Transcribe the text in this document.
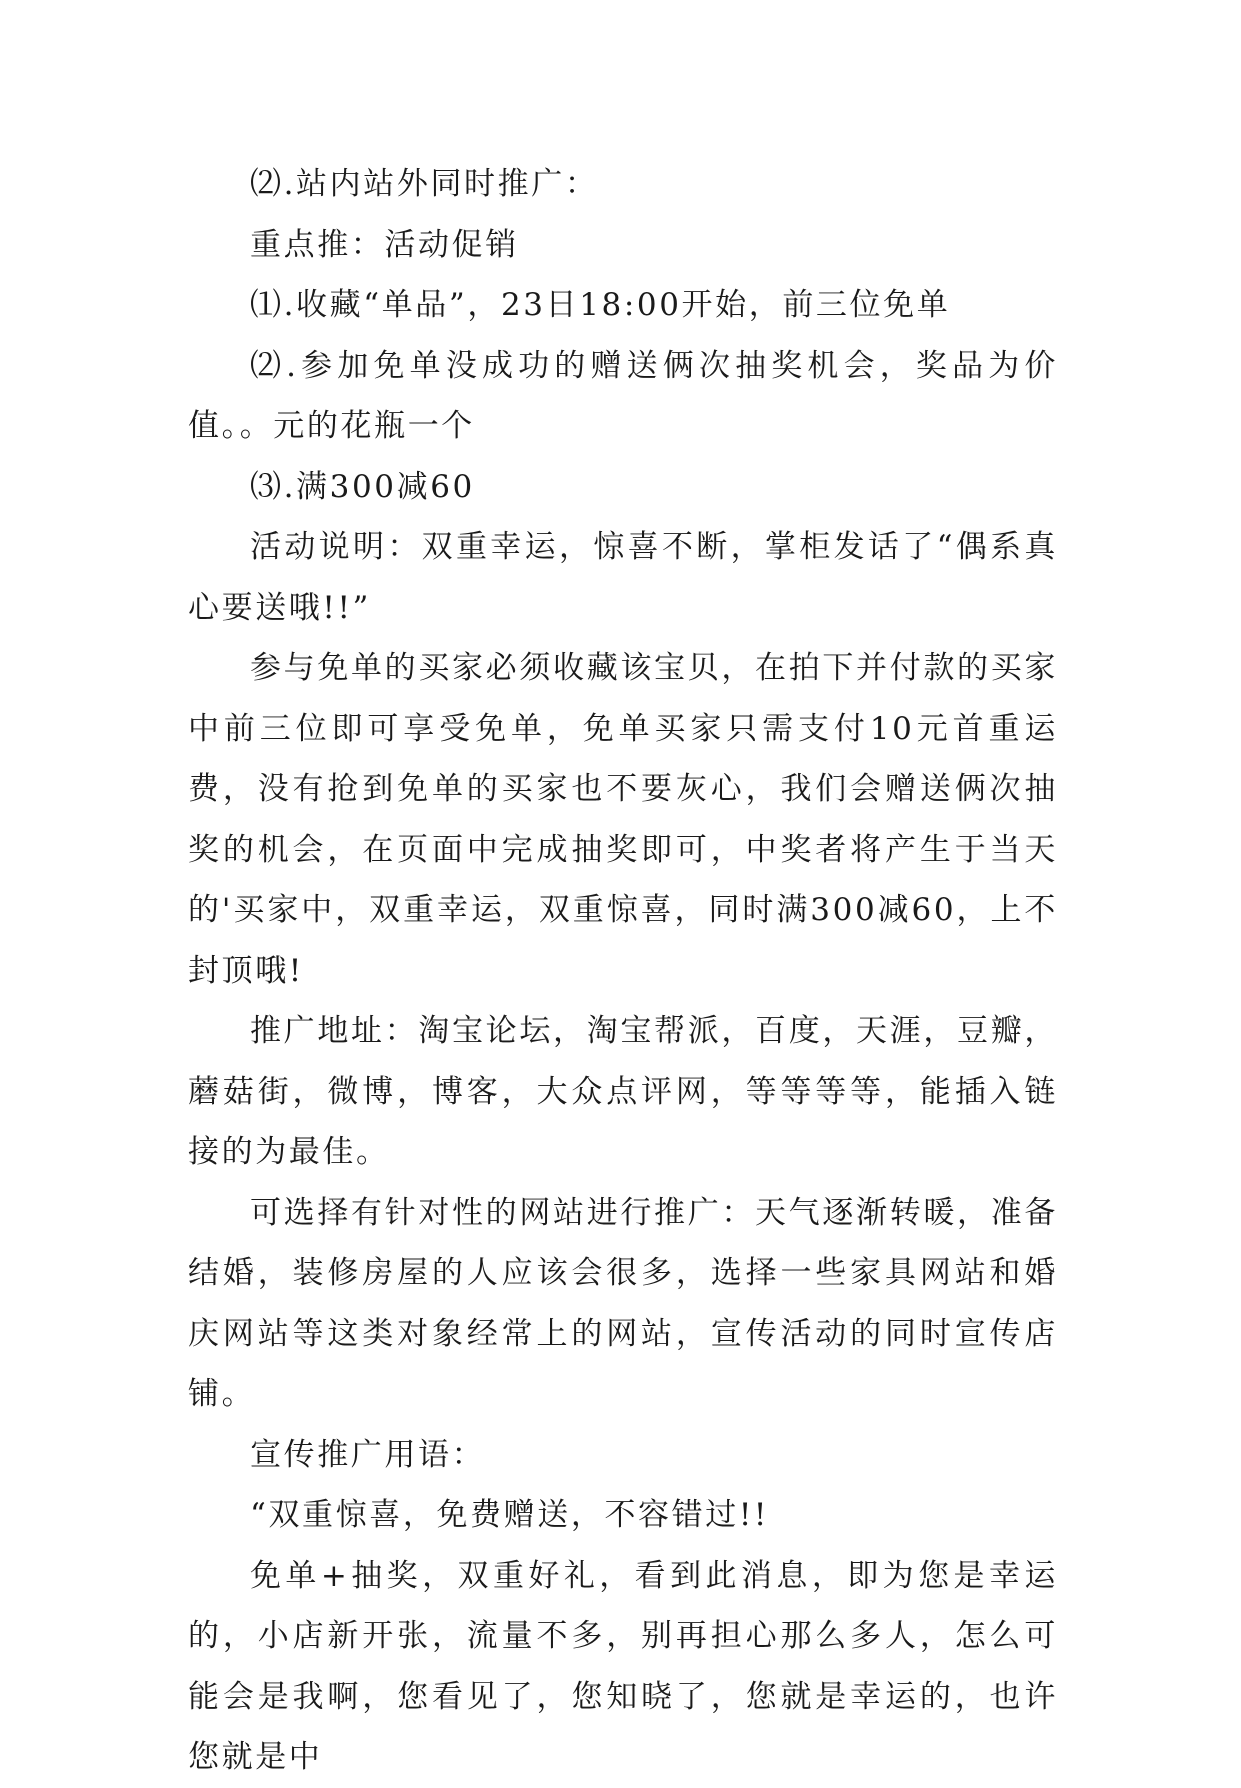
⑵.站内站外同时推广：

重点推：活动促销

⑴.收藏“单品”，23日18:00开始，前三位免单

⑵.参加免单没成功的赠送俩次抽奖机会，奖品为价值。。元的花瓶一个

⑶.满300减60

活动说明：双重幸运，惊喜不断，掌柜发话了“偶系真心要送哦!!”

参与免单的买家必须收藏该宝贝，在拍下并付款的买家中前三位即可享受免单，免单买家只需支付10元首重运费，没有抢到免单的买家也不要灰心，我们会赠送俩次抽奖的机会，在页面中完成抽奖即可，中奖者将产生于当天的'买家中，双重幸运，双重惊喜，同时满300减60，上不封顶哦!

推广地址：淘宝论坛，淘宝帮派，百度，天涯，豆瓣，蘑菇街，微博，博客，大众点评网，等等等等，能插入链接的为最佳。

可选择有针对性的网站进行推广：天气逐渐转暖，准备结婚，装修房屋的人应该会很多，选择一些家具网站和婚庆网站等这类对象经常上的网站，宣传活动的同时宣传店铺。

宣传推广用语：

“双重惊喜，免费赠送，不容错过!!

免单+抽奖，双重好礼，看到此消息，即为您是幸运的，小店新开张，流量不多，别再担心那么多人，怎么可能会是我啊，您看见了，您知晓了，您就是幸运的，也许您就是中
